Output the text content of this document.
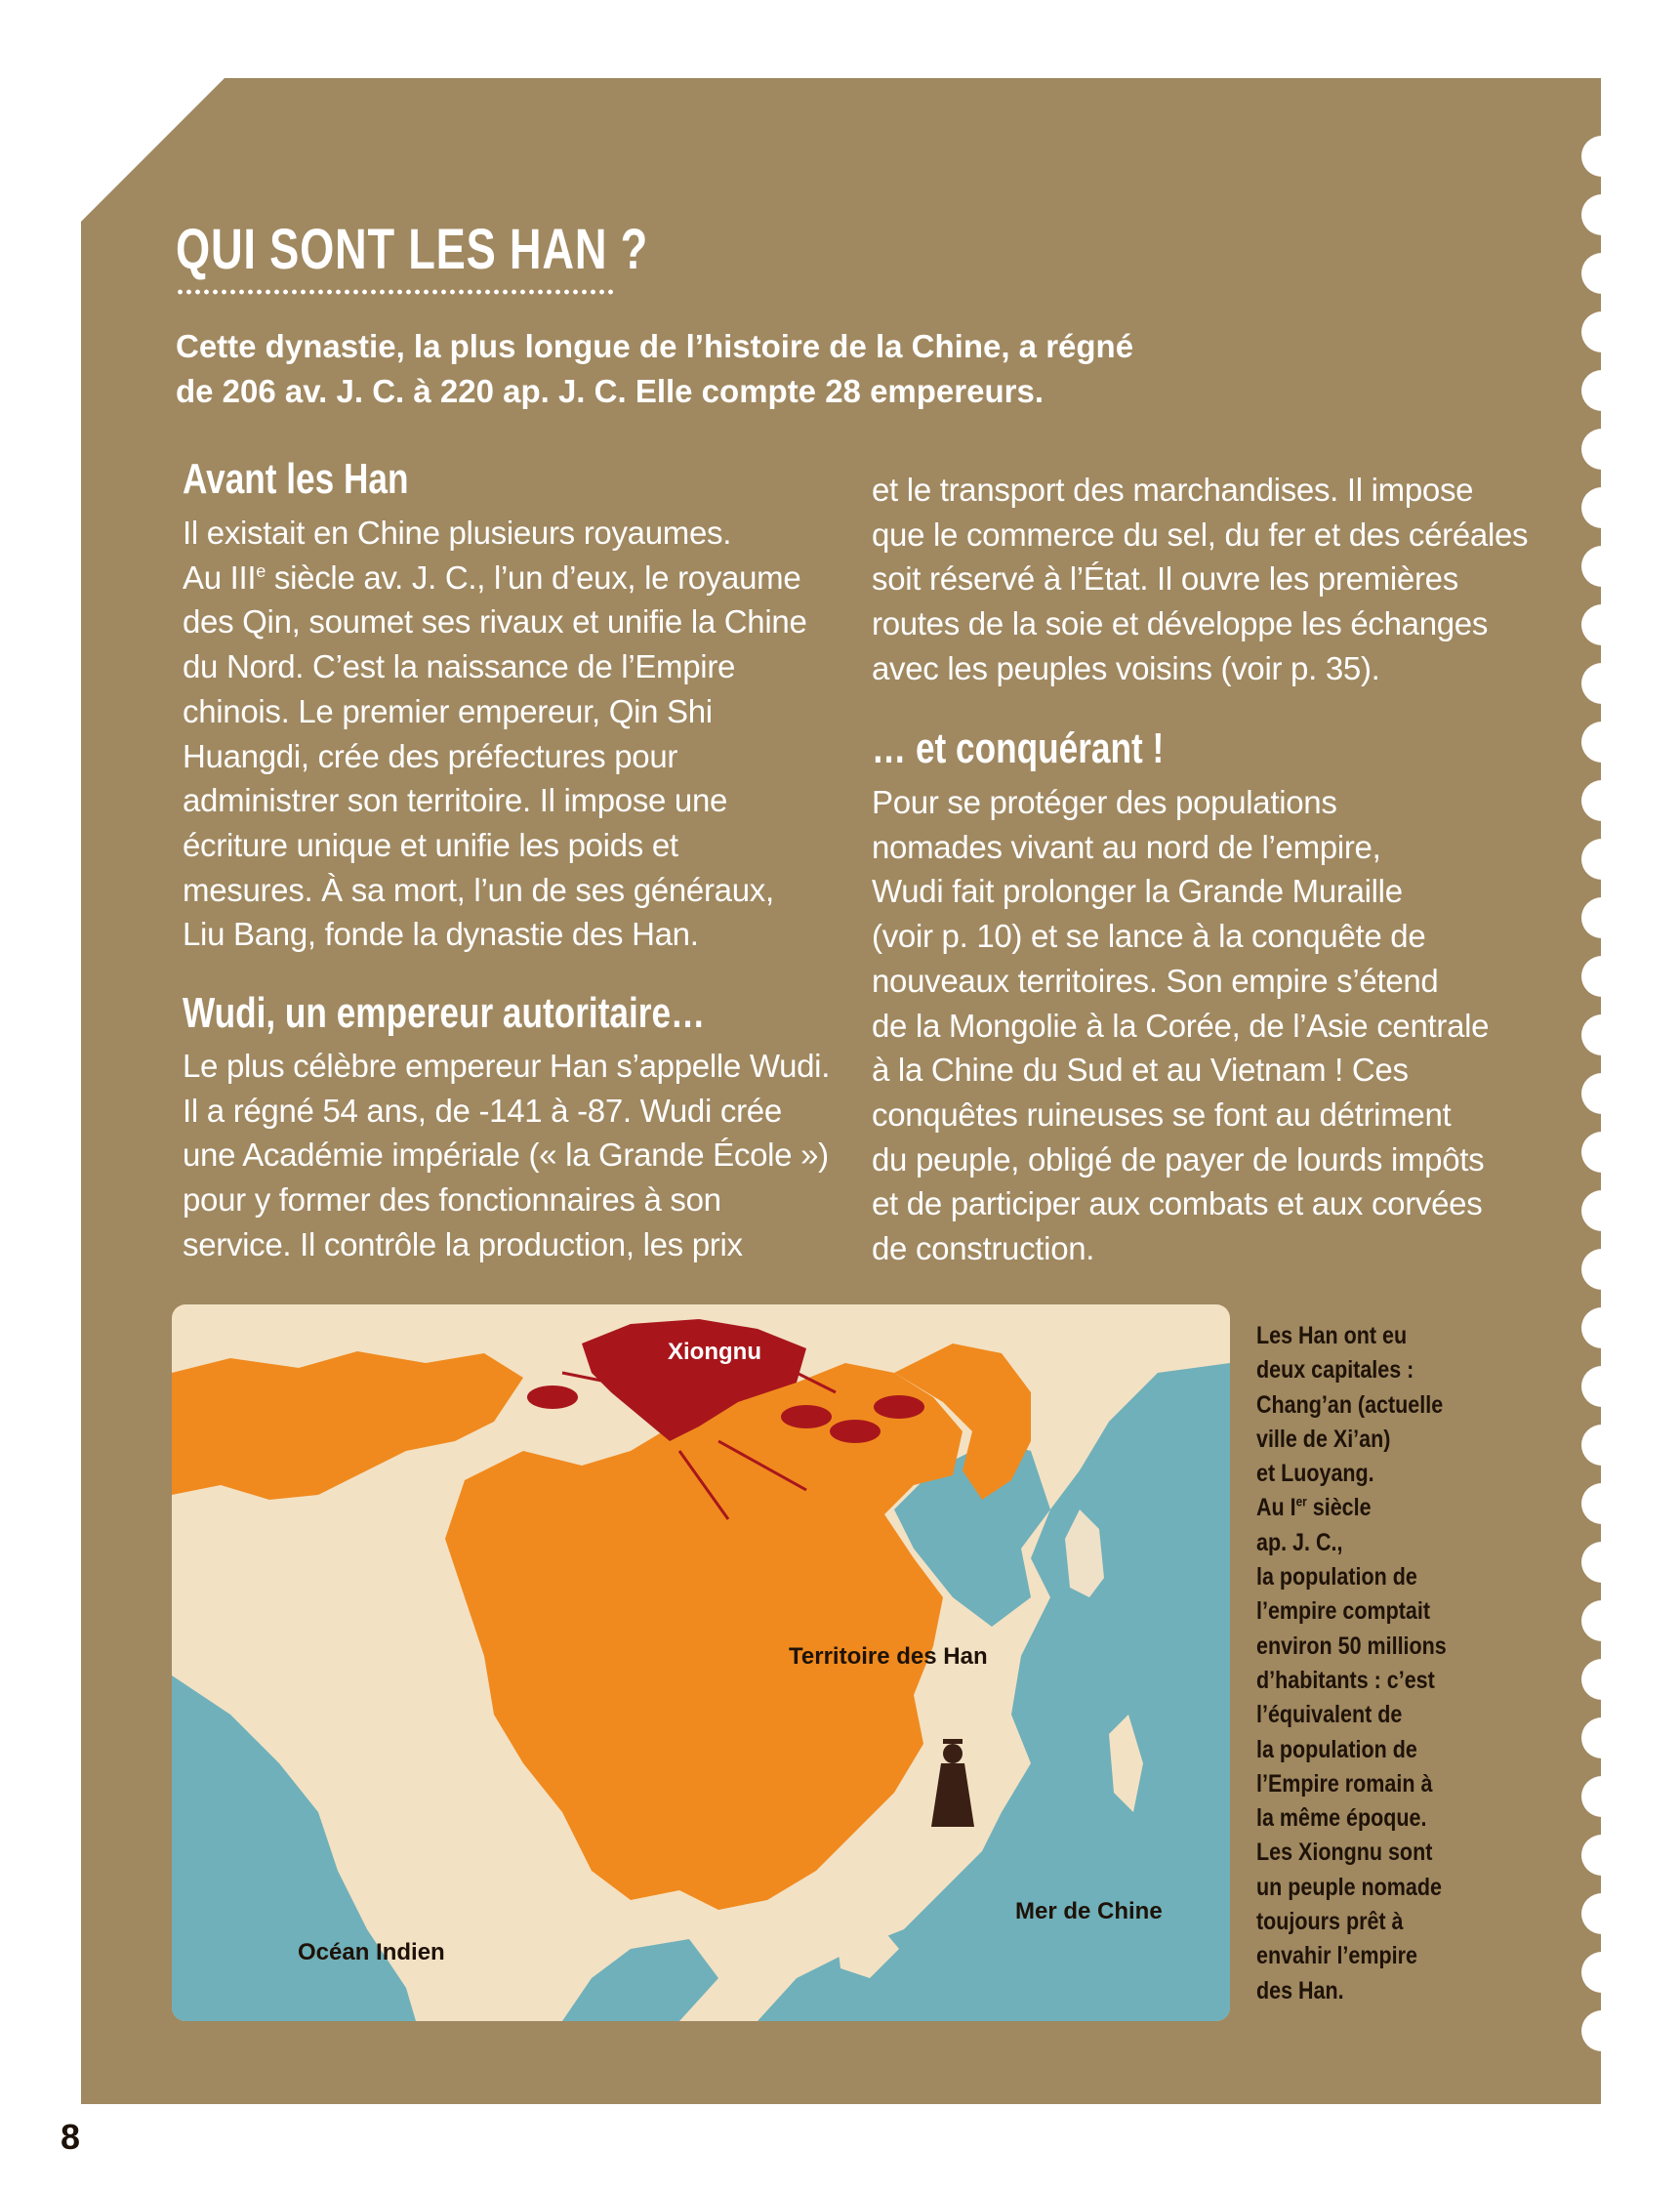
QUI SONT LES HAN ?
Cette dynastie, la plus longue de l’histoire de la Chine, a régné
de 206 av. J. C. à 220 ap. J. C. Elle compte 28 empereurs.
Avant les Han

Il existait en Chine plusieurs royaumes.

Au IIIe siècle av. J. C., l’un d’eux, le royaume

des Qin, soumet ses rivaux et unifie la Chine

du Nord. C’est la naissance de l’Empire

chinois. Le premier empereur, Qin Shi

Huangdi, crée des préfectures pour

administrer son territoire. Il impose une

écriture unique et unifie les poids et

mesures. À sa mort, l’un de ses généraux,

Liu Bang, fonde la dynastie des Han.

Wudi, un empereur autoritaire…

Le plus célèbre empereur Han s’appelle Wudi.

Il a régné 54 ans, de -141 à -87. Wudi crée

une Académie impériale (« la Grande École »)

pour y former des fonctionnaires à son

service. Il contrôle la production, les prix

et le transport des marchandises. Il impose

que le commerce du sel, du fer et des céréales

soit réservé à l’État. Il ouvre les premières

routes de la soie et développe les échanges

avec les peuples voisins (voir p. 35).

… et conquérant !

Pour se protéger des populations

nomades vivant au nord de l’empire,

Wudi fait prolonger la Grande Muraille

(voir p. 10) et se lance à la conquête de

nouveaux territoires. Son empire s’étend

de la Mongolie à la Corée, de l’Asie centrale

à la Chine du Sud et au Vietnam ! Ces

conquêtes ruineuses se font au détriment

du peuple, obligé de payer de lourds impôts

et de participer aux combats et aux corvées

de construction.

Xiongnu
Territoire des Han
Océan Indien
Mer de Chine

Les Han ont eu

deux capitales :

Chang’an (actuelle

ville de Xi’an)

et Luoyang.

Au Ier siècle

ap. J. C.,

la population de

l’empire comptait

environ 50 millions

d’habitants : c’est

l’équivalent de

la population de

l’Empire romain à

la même époque.

Les Xiongnu sont

un peuple nomade

toujours prêt à

envahir l’empire

des Han.

8
